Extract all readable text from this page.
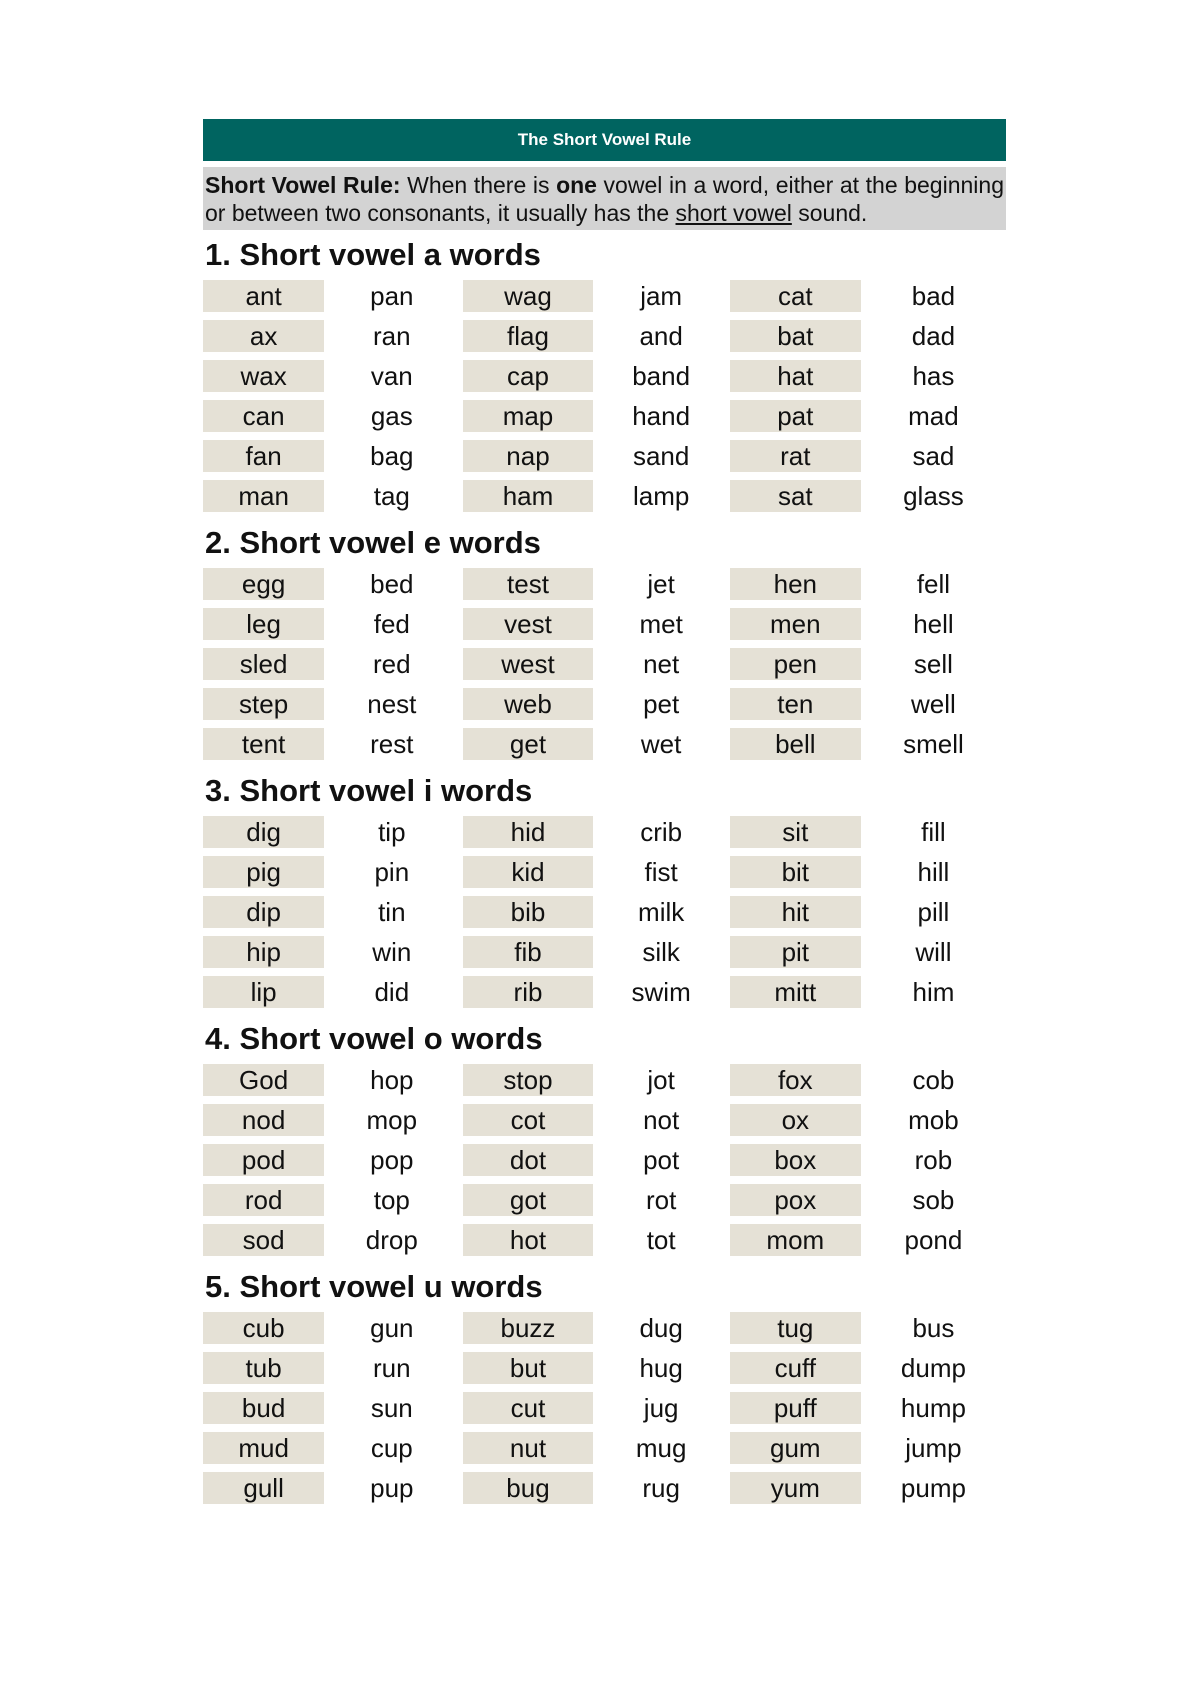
The Short Vowel Rule
Short Vowel Rule: When there is one vowel in a word, either at the beginning or between two consonants, it usually has the short vowel sound.
1. Short vowel a words
ant	pan	wag	jam	cat	bad
ax	ran	flag	and	bat	dad
wax	van	cap	band	hat	has
can	gas	map	hand	pat	mad
fan	bag	nap	sand	rat	sad
man	tag	ham	lamp	sat	glass
2. Short vowel e words
egg	bed	test	jet	hen	fell
leg	fed	vest	met	men	hell
sled	red	west	net	pen	sell
step	nest	web	pet	ten	well
tent	rest	get	wet	bell	smell
3. Short vowel i words
dig	tip	hid	crib	sit	fill
pig	pin	kid	fist	bit	hill
dip	tin	bib	milk	hit	pill
hip	win	fib	silk	pit	will
lip	did	rib	swim	mitt	him
4. Short vowel o words
God	hop	stop	jot	fox	cob
nod	mop	cot	not	ox	mob
pod	pop	dot	pot	box	rob
rod	top	got	rot	pox	sob
sod	drop	hot	tot	mom	pond
5. Short vowel u words
cub	gun	buzz	dug	tug	bus
tub	run	but	hug	cuff	dump
bud	sun	cut	jug	puff	hump
mud	cup	nut	mug	gum	jump
gull	pup	bug	rug	yum	pump
